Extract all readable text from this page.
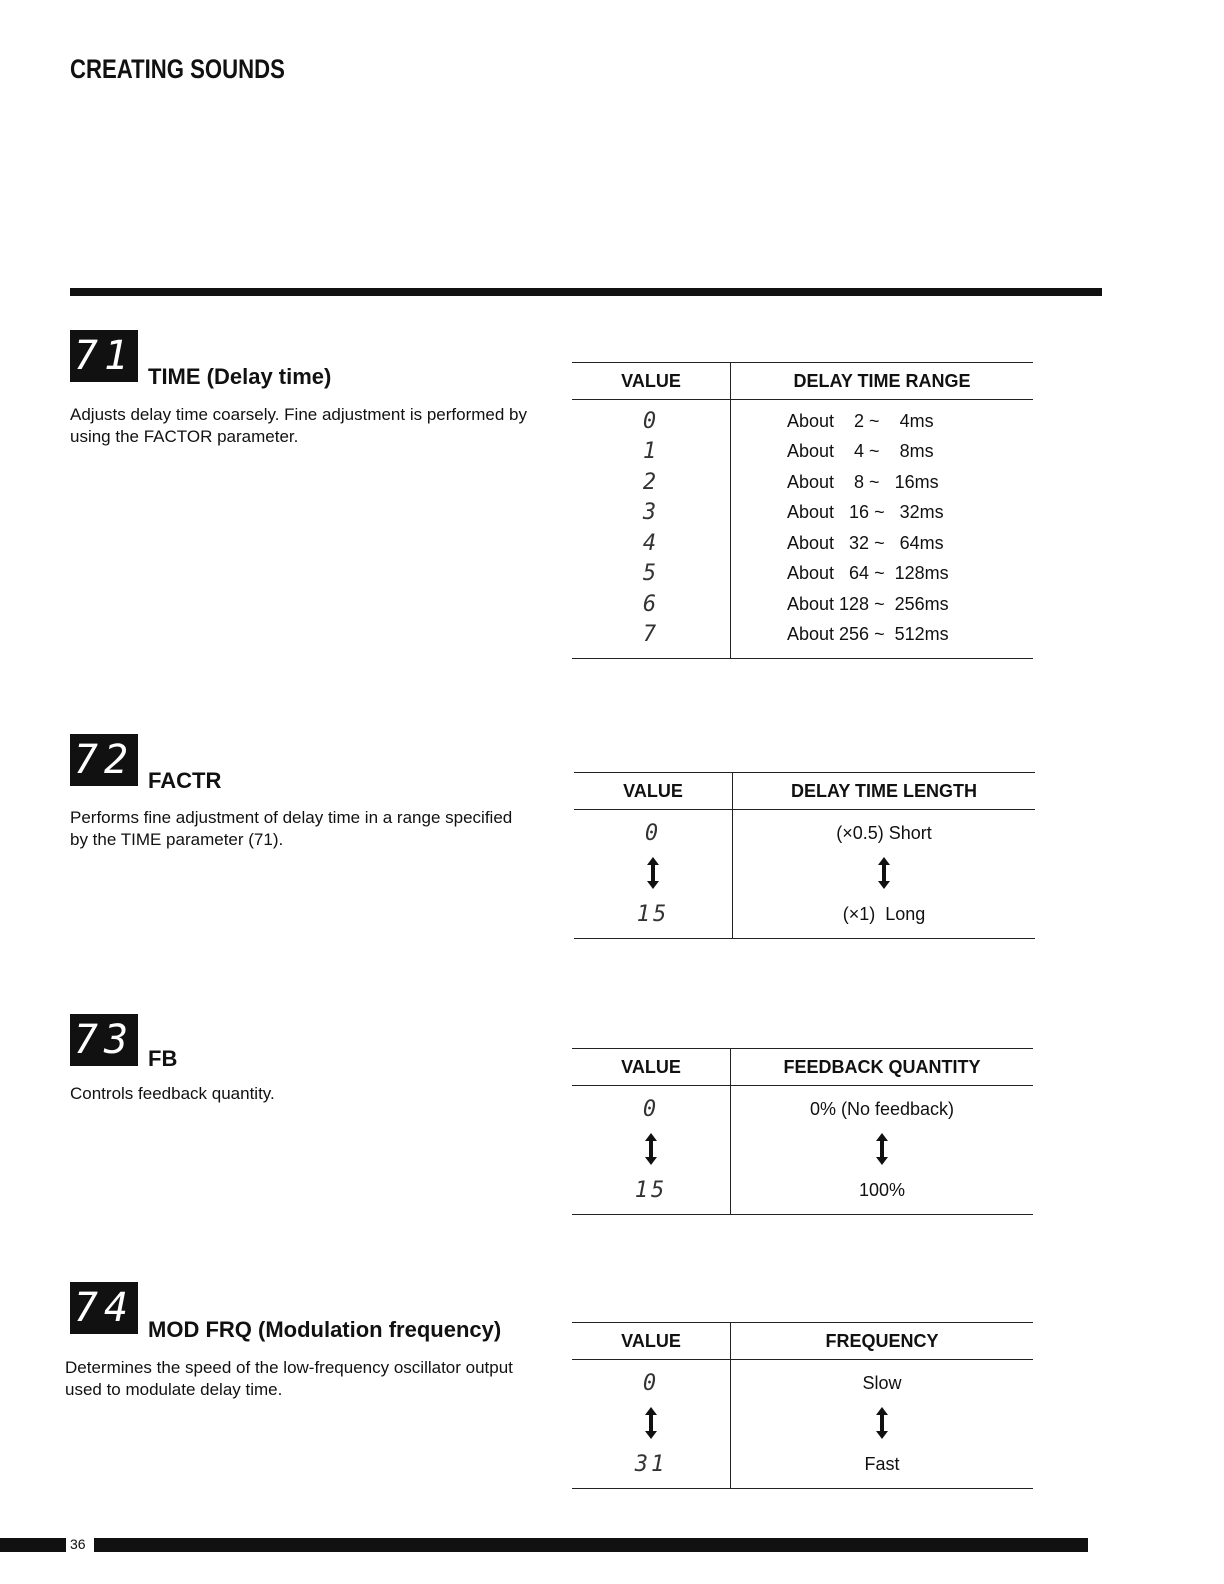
CREATING SOUNDS
71 TIME (Delay time)
Adjusts delay time coarsely. Fine adjustment is performed by using the FACTOR parameter.
VALUE	DELAY TIME RANGE
0	About    2 ~    4ms
1	About    4 ~    8ms
2	About    8 ~   16ms
3	About   16 ~   32ms
4	About   32 ~   64ms
5	About   64 ~  128ms
6	About 128 ~  256ms
7	About 256 ~  512ms
72 FACTR
Performs fine adjustment of delay time in a range specified by the TIME parameter (71).
VALUE	DELAY TIME LENGTH
0	(×0.5) Short

15	(×1)  Long
73 FB
Controls feedback quantity.
VALUE	FEEDBACK QUANTITY
0	0% (No feedback)

15	100%
74 MOD FRQ (Modulation frequency)
Determines the speed of the low-frequency oscillator output used to modulate delay time.
VALUE	FREQUENCY
0	Slow

31	Fast
36
